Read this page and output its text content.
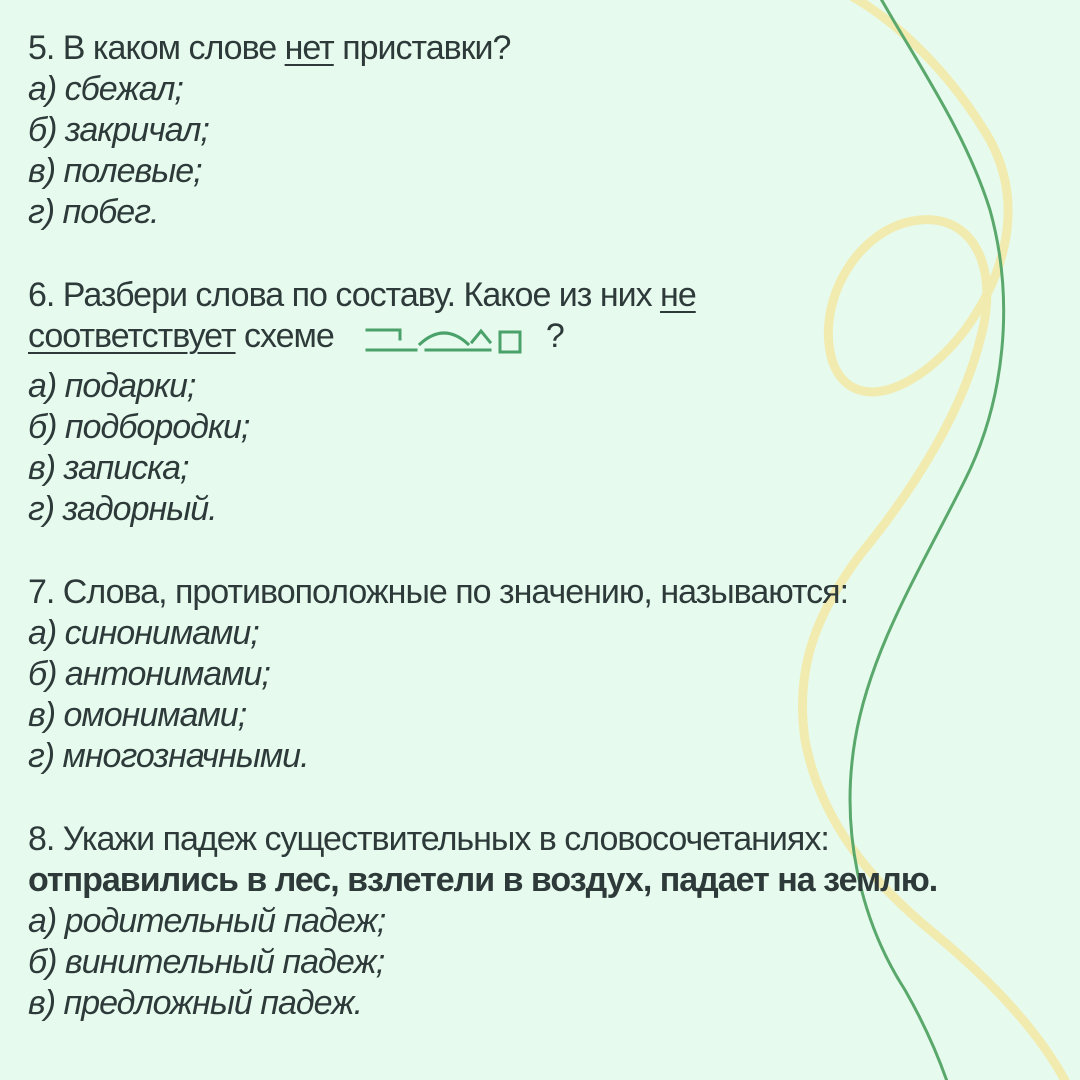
5. В каком слове нет приставки?

а) сбежал;

б) закричал;

в) полевые;

г) побег.

6. Разбери слова по составу. Какое из них не
соответствует схеме	?

а) подарки;

б) подбородки;

в) записка;

г) задорный.

7. Слова, противоположные по значению, называются:

а) синонимами;

б) антонимами;

в) омонимами;

г) многозначными.

8. Укажи падеж существительных в словосочетаниях:

отправились в лес, взлетели в воздух, падает на землю.

а) родительный падеж;

б) винительный падеж;

в) предложный падеж.
